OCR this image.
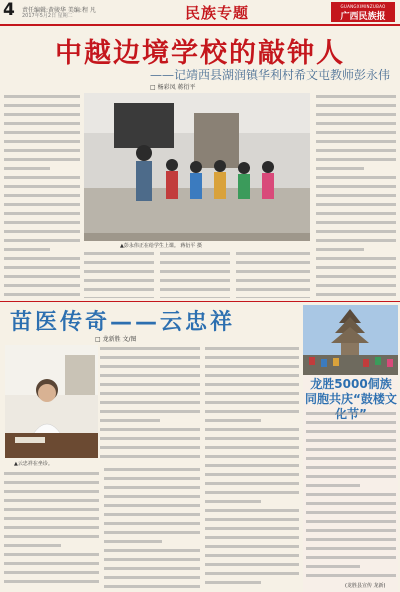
4	责任编辑:黄骏华 美编:程 凡
2017年5月2日 星期二	民族专题	GUANGXIMINZUBAO
广西民族报
中越边境学校的敲钟人
——记靖西县湖润镇华利村希文屯教师彭永伟
□ 杨彩凤 蒋衍平
▲彭永伟正在给学生上课。 蒋衍平 摄
苗医传奇——云忠祥
□ 龙新胜 文/图
▲云忠祥在坐诊。
龙胜5000侗族同胞共庆“鼓楼文
(龙胜县宣传 龙新)
